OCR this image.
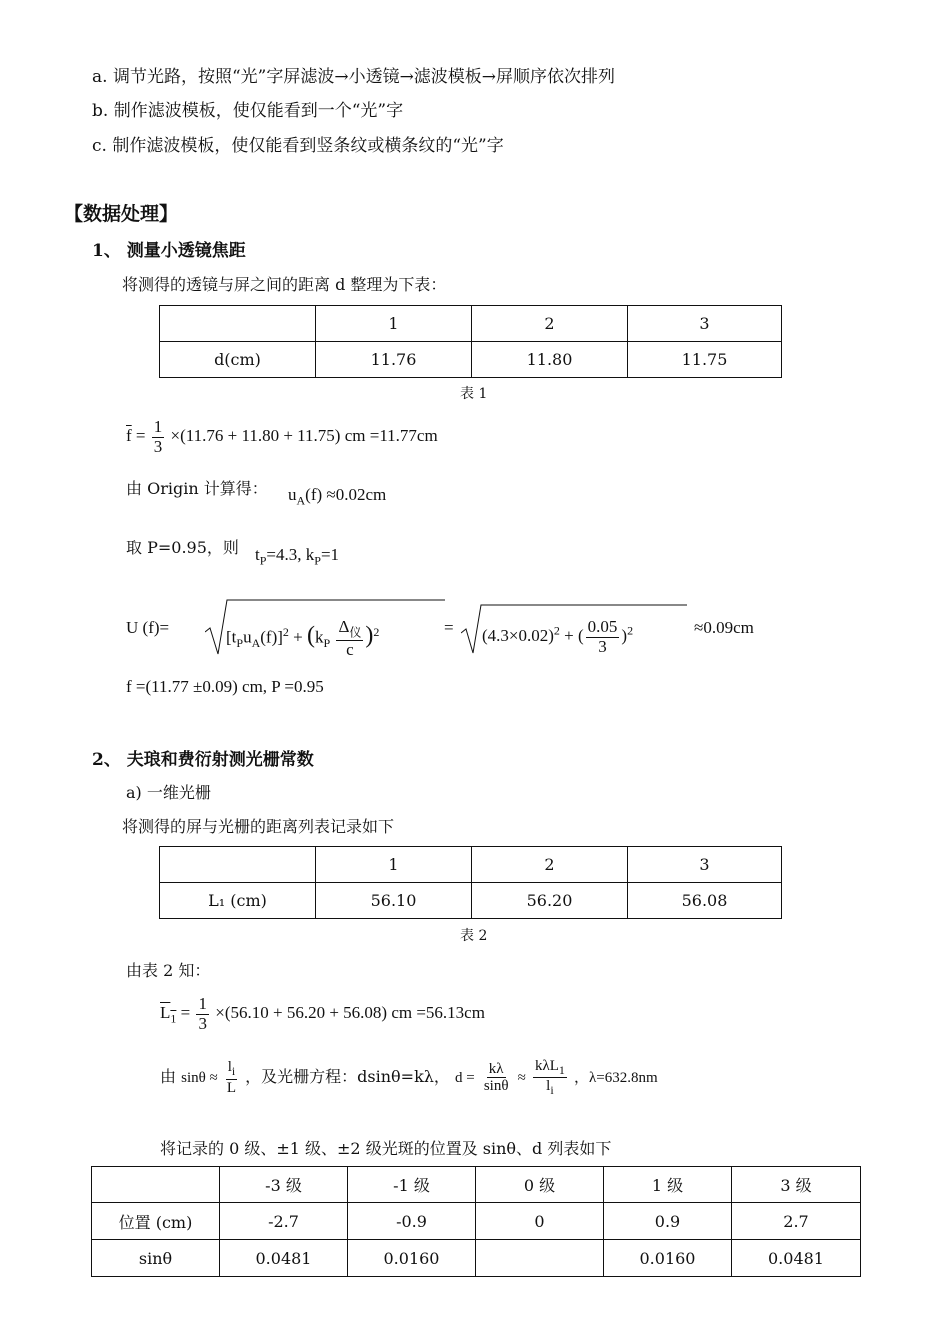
a. 调节光路，按照“光”字屏滤波→小透镜→滤波模板→屏顺序依次排列
b. 制作滤波模板，使仅能看到一个“光”字
c. 制作滤波模板，使仅能看到竖条纹或横条纹的“光”字
【数据处理】
1、 测量小透镜焦距
将测得的透镜与屏之间的距离 d 整理为下表：
	1	2	3
d(cm)	11.76	11.80	11.75
表 1
$\overline{f} = \frac{1}{3} \times(11.76 + 11.80 + 11.75)$ cm =11.77cm
由 Origin 计算得： $u_A(f) \approx 0.02cm$
取 P=0.95，则 $t_P=4.3$, $k_P=1$
U (f)=
$[t_Pu_A(f)]^2 + (k_P \frac{\Delta_仪}{c} )^2$	= $(4.3\times 0.02)^2$ + ( $\frac{0.05}{3} )^2$	≈0.09cm
f =(11.77 ±0.09) cm, P =0.95
2、 夫琅和费衍射测光栅常数
a) 一维光栅
将测得的屏与光栅的距离列表记录如下
	1	2	3
L₁ (cm)	56.10	56.20	56.08
表 2
由表 2 知：
$L_1 = \frac{1}{3} \times(56.10 + 56.20 + 56.08)$ cm =56.13cm
由 $\sin\theta \approx \frac{l_i}{L}$ ，及光栅方程：dsinθ=kλ， $d = \frac{k\lambda}{\sin\theta} \approx \frac{k\lambda L_1}{l_i}$ ，λ=632.8nm
将记录的 0 级、±1 级、±2 级光斑的位置及 sinθ、d 列表如下
	-3 级	-1 级	0 级	1 级	3 级
位置 (cm)	-2.7	-0.9	0	0.9	2.7
sinθ	0.0481	0.0160		0.0160	0.0481
